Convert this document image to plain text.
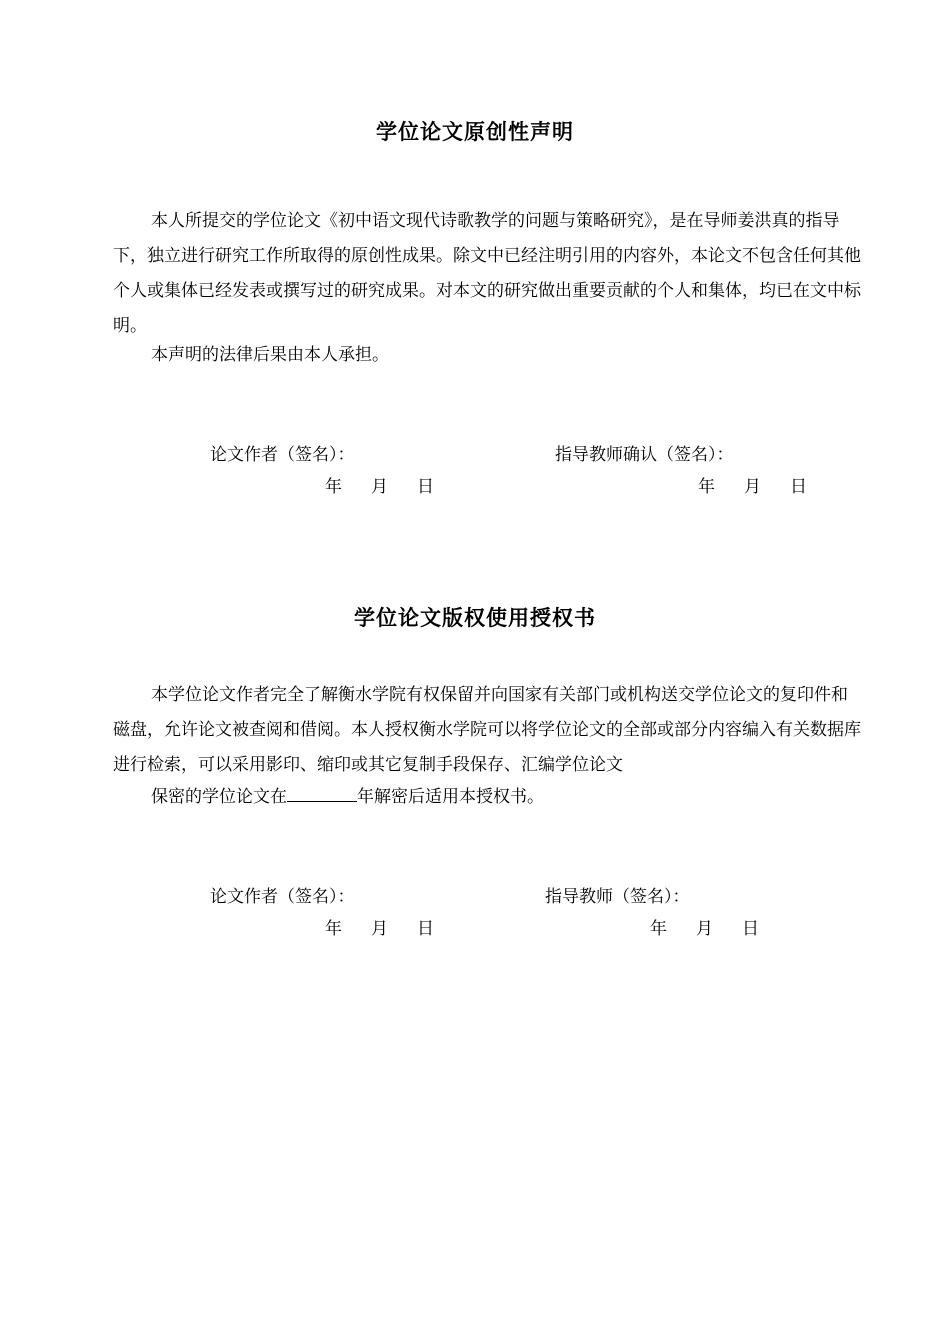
学位论文原创性声明

本人所提交的学位论文《初中语文现代诗歌教学的问题与策略研究》，是在导师姜洪真的指导下，独立进行研究工作所取得的原创性成果。除文中已经注明引用的内容外，本论文不包含任何其他个人或集体已经发表或撰写过的研究成果。对本文的研究做出重要贡献的个人和集体，均已在文中标明。

本声明的法律后果由本人承担。

论文作者（签名）：	指导教师确认（签名）：
年 月 日	年 月 日
学位论文版权使用授权书

本学位论文作者完全了解衡水学院有权保留并向国家有关部门或机构送交学位论文的复印件和磁盘，允许论文被查阅和借阅。本人授权衡水学院可以将学位论文的全部或部分内容编入有关数据库进行检索，可以采用影印、缩印或其它复制手段保存、汇编学位论文

保密的学位论文在	年解密后适用本授权书。

论文作者（签名）：	指导教师（签名）：
年 月 日	年 月 日
